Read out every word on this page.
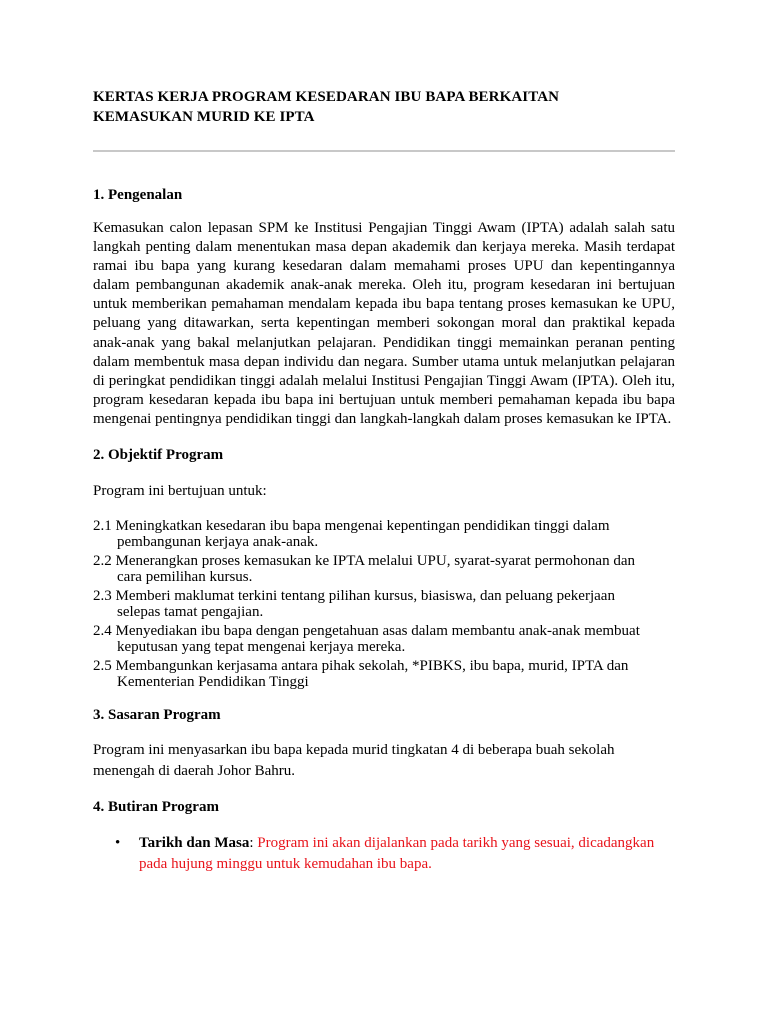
KERTAS KERJA PROGRAM KESEDARAN IBU BAPA BERKAITAN

KEMASUKAN MURID KE IPTA

1. Pengenalan

Kemasukan calon lepasan SPM ke Institusi Pengajian Tinggi Awam (IPTA) adalah salah satu langkah penting dalam menentukan masa depan akademik dan kerjaya mereka. Masih terdapat ramai ibu bapa yang kurang kesedaran dalam memahami proses UPU dan kepentingannya dalam pembangunan akademik anak-anak mereka. Oleh itu, program kesedaran ini bertujuan untuk memberikan pemahaman mendalam kepada ibu bapa tentang proses kemasukan ke UPU, peluang yang ditawarkan, serta kepentingan memberi sokongan moral dan praktikal kepada anak-anak yang bakal melanjutkan pelajaran. Pendidikan tinggi memainkan peranan penting dalam membentuk masa depan individu dan negara. Sumber utama untuk melanjutkan pelajaran di peringkat pendidikan tinggi adalah melalui Institusi Pengajian Tinggi Awam (IPTA). Oleh itu, program kesedaran kepada ibu bapa ini bertujuan untuk memberi pemahaman kepada ibu bapa mengenai pentingnya pendidikan tinggi dan langkah-langkah dalam proses kemasukan ke IPTA.

2. Objektif Program

Program ini bertujuan untuk:

2.1 Meningkatkan kesedaran ibu bapa mengenai kepentingan pendidikan tinggi dalam
pembangunan kerjaya anak-anak.
2.2 Menerangkan proses kemasukan ke IPTA melalui UPU, syarat-syarat permohonan dan
cara pemilihan kursus.
2.3 Memberi maklumat terkini tentang pilihan kursus, biasiswa, dan peluang pekerjaan
selepas tamat pengajian.
2.4 Menyediakan ibu bapa dengan pengetahuan asas dalam membantu anak-anak membuat
keputusan yang tepat mengenai kerjaya mereka.
2.5 Membangunkan kerjasama antara pihak sekolah, *PIBKS, ibu bapa, murid, IPTA dan
Kementerian Pendidikan Tinggi

3. Sasaran Program

Program ini menyasarkan ibu bapa kepada murid tingkatan 4 di beberapa buah sekolah

menengah di daerah Johor Bahru.

4. Butiran Program

• Tarikh dan Masa: Program ini akan dijalankan pada tarikh yang sesuai, dicadangkan
pada hujung minggu untuk kemudahan ibu bapa.
